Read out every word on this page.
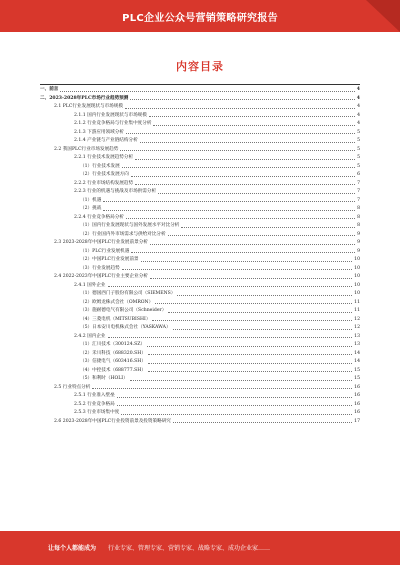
PLC企业公众号营销策略研究报告
内容目录
一、前言	4
二、2023-2028年PLC市场行业趋势预测	4
2.1 PLC行业发展现状与市场规模	4
2.1.1 国内行业发展现状与市场规模	4
2.1.2 行业竞争格局与行业集中度分析	4
2.1.3 下游应用领域分析	5
2.1.4 产业链与产业链结构分析	5
2.2 我国PLC行业市场发展趋势	5
2.2.1 行业技术发展趋势分析	5
（1）行业技术发展	5
（2）行业技术发展方向	6
2.2.2 行业市场结构发展趋势	7
2.2.3 行业的机遇与挑战及市场供需分析	7
（1）机遇	7
（2）挑战	8
2.2.4 行业竞争格局分析	8
（1）国内行业发展现状与国外发展水平对比分析	8
（2）行业国内外市场需求与供给对比分析	9
2.3 2023-2028年中国PLC行业发展前景分析	9
（1）PLC行业发展机遇	9
（2）中国PLC行业发展前景	10
（3）行业发展趋势	10
2.4 2022-2023年中国PLC行业主要企业分析	10
2.4.1 国外企业	10
（1）德国西门子股份有限公司（SIEMENS）	10
（2）欧姆龙株式会社（OMRON）	11
（3）施耐德电气有限公司（Schneider）	11
（4）三菱电机（MITSUBISHI）	12
（5）日本安川电机株式会社（YASKAWA）	12
2.4.2 国内企业	13
（1）汇川技术（300124.SZ）	13
（2）禾川科技（688320.SH）	14
（3）信捷电气（603416.SH）	14
（4）中控技术（688777.SH）	15
（5）和利时（HOLI）	15
2.5 行业特点分析	16
2.5.1 行业准入壁垒	16
2.5.2 行业竞争格局	16
2.5.3 行业市场集中度	16
2.6 2023-2028年中国PLC行业投资前景及投资策略研究	17
让每个人都能成为 行业专家、管理专家、营销专家、战略专家、成功企业家……
